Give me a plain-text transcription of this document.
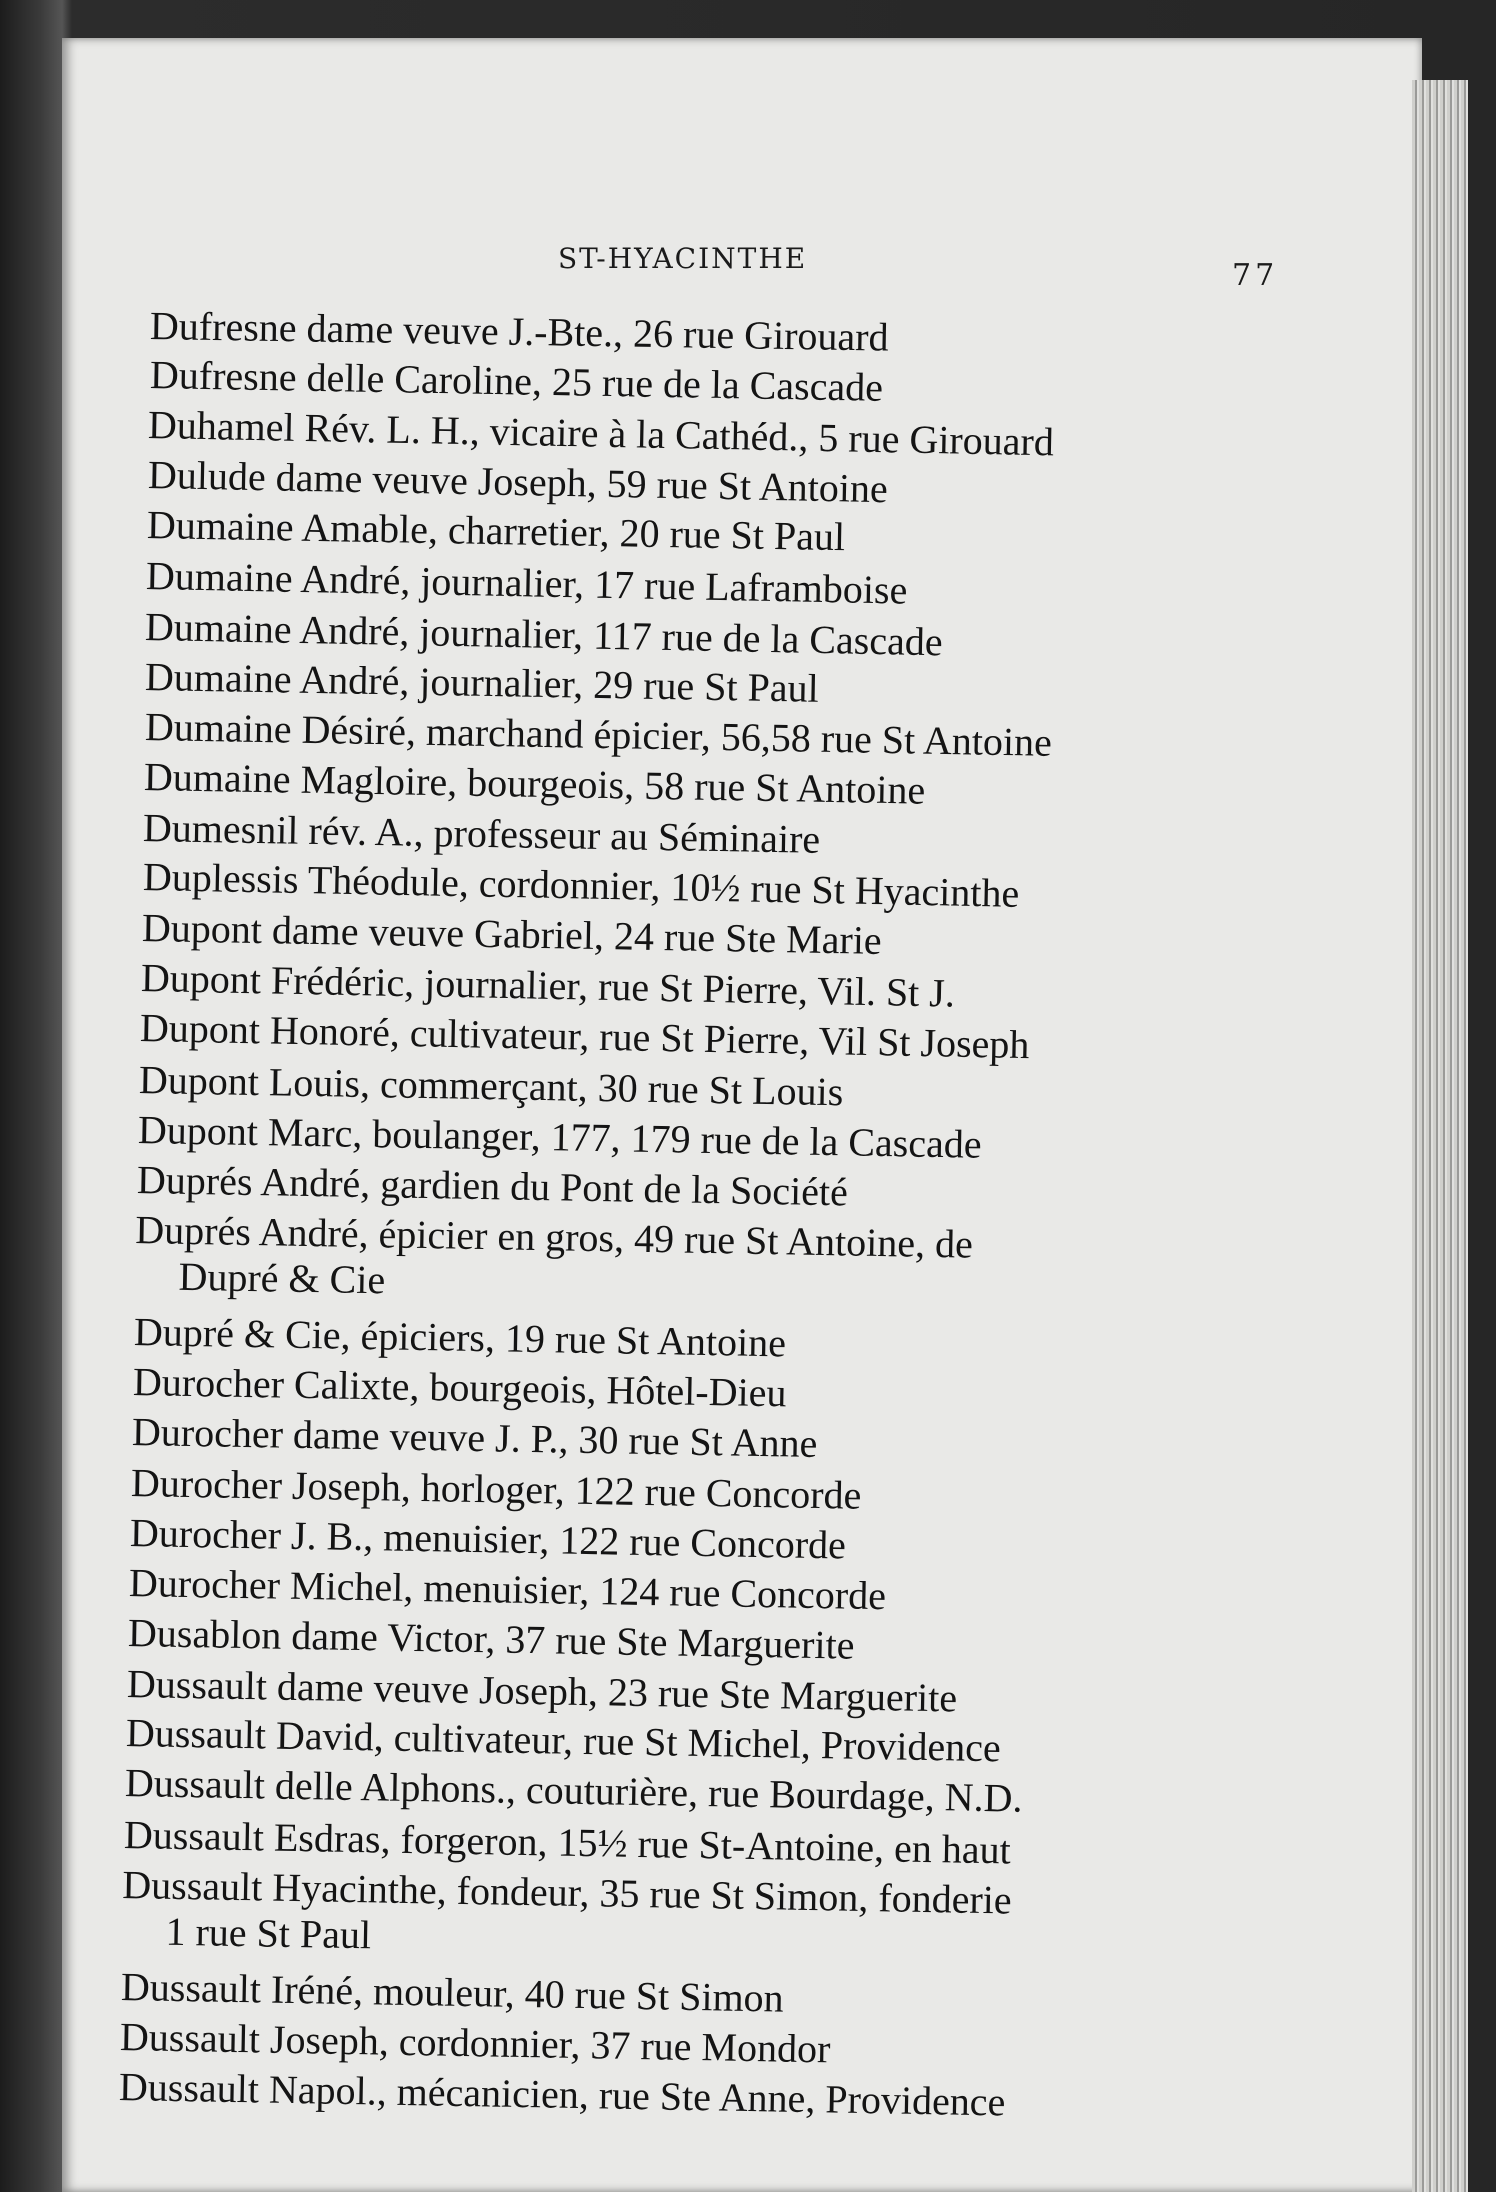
ST-HYACINTHE	77
Dufresne dame veuve J.-Bte., 26 rue Girouard
Dufresne delle Caroline, 25 rue de la Cascade
Duhamel Rév. L. H., vicaire à la Cathéd., 5 rue Girouard
Dulude dame veuve Joseph, 59 rue St Antoine
Dumaine Amable, charretier, 20 rue St Paul
Dumaine André, journalier, 17 rue Laframboise
Dumaine André, journalier, 117 rue de la Cascade
Dumaine André, journalier, 29 rue St Paul
Dumaine Désiré, marchand épicier, 56,58 rue St Antoine
Dumaine Magloire, bourgeois, 58 rue St Antoine
Dumesnil rév. A., professeur au Séminaire
Duplessis Théodule, cordonnier, 10½ rue St Hyacinthe
Dupont dame veuve Gabriel, 24 rue Ste Marie
Dupont Frédéric, journalier, rue St Pierre, Vil. St J.
Dupont Honoré, cultivateur, rue St Pierre, Vil St Joseph
Dupont Louis, commerçant, 30 rue St Louis
Dupont Marc, boulanger, 177, 179 rue de la Cascade
Duprés André, gardien du Pont de la Société
Duprés André, épicier en gros, 49 rue St Antoine, de
Dupré & Cie
Dupré & Cie, épiciers, 19 rue St Antoine
Durocher Calixte, bourgeois, Hôtel-Dieu
Durocher dame veuve J. P., 30 rue St Anne
Durocher Joseph, horloger, 122 rue Concorde
Durocher J. B., menuisier, 122 rue Concorde
Durocher Michel, menuisier, 124 rue Concorde
Dusablon dame Victor, 37 rue Ste Marguerite
Dussault dame veuve Joseph, 23 rue Ste Marguerite
Dussault David, cultivateur, rue St Michel, Providence
Dussault delle Alphons., couturière, rue Bourdage, N.D.
Dussault Esdras, forgeron, 15½ rue St-Antoine, en haut
Dussault Hyacinthe, fondeur, 35 rue St Simon, fonderie
1 rue St Paul
Dussault Iréné, mouleur, 40 rue St Simon
Dussault Joseph, cordonnier, 37 rue Mondor
Dussault Napol., mécanicien, rue Ste Anne, Providence
